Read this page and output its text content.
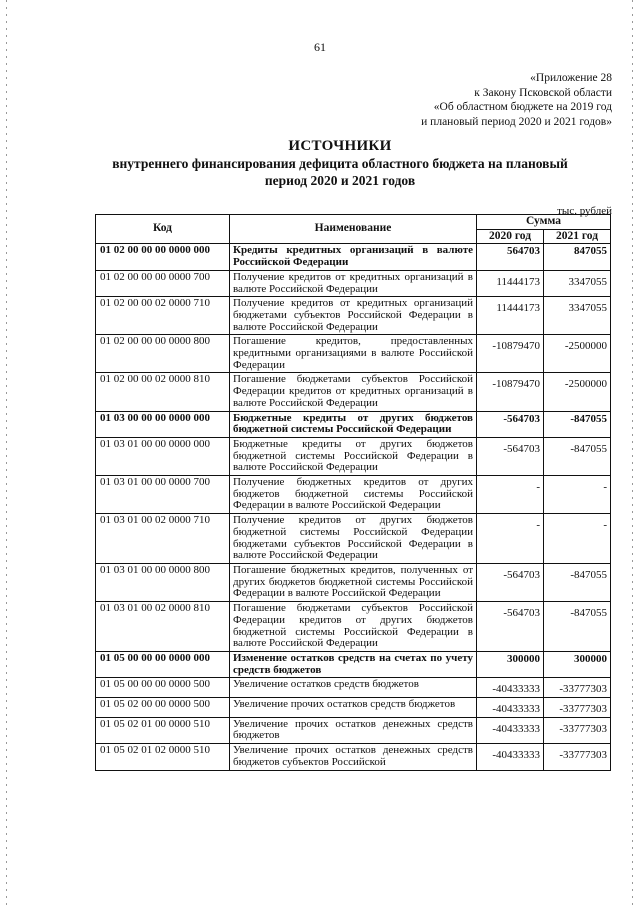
61
«Приложение 28
к Закону Псковской области
«Об областном бюджете на 2019 год
и плановый период 2020 и 2021 годов»
ИСТОЧНИКИ
внутреннего финансирования дефицита областного бюджета на плановый
период 2020 и 2021 годов
тыс. рублей
Код	Наименование	Сумма	
		2020 год	2021 год
01 02 00 00 00 0000 000	Кредиты кредитных организаций в валюте Российской Федерации	564703	847055
01 02 00 00 00 0000 700	Получение кредитов от кредитных организаций в валюте Российской Федерации	11444173	3347055
01 02 00 00 02 0000 710	Получение кредитов от кредитных организаций бюджетами субъектов Российской Федерации в валюте Российской Федерации	11444173	3347055
01 02 00 00 00 0000 800	Погашение кредитов, предоставленных кредитными организациями в валюте Российской Федерации	-10879470	-2500000
01 02 00 00 02 0000 810	Погашение бюджетами субъектов Российской Федерации кредитов от кредитных организаций в валюте Российской Федерации	-10879470	-2500000
01 03 00 00 00 0000 000	Бюджетные кредиты от других бюджетов бюджетной системы Российской Федерации	-564703	-847055
01 03 01 00 00 0000 000	Бюджетные кредиты от других бюджетов бюджетной системы Российской Федерации в валюте Российской Федерации	-564703	-847055
01 03 01 00 00 0000 700	Получение бюджетных кредитов от других бюджетов бюджетной системы Российской Федерации в валюте Российской Федерации	-	-
01 03 01 00 02 0000 710	Получение кредитов от других бюджетов бюджетной системы Российской Федерации бюджетами субъектов Российской Федерации в валюте Российской Федерации	-	-
01 03 01 00 00 0000 800	Погашение бюджетных кредитов, полученных от других бюджетов бюджетной системы Российской Федерации в валюте Российской Федерации	-564703	-847055
01 03 01 00 02 0000 810	Погашение бюджетами субъектов Российской Федерации кредитов от других бюджетов бюджетной системы Российской Федерации в валюте Российской Федерации	-564703	-847055
01 05 00 00 00 0000 000	Изменение остатков средств на счетах по учету средств бюджетов	300000	300000
01 05 00 00 00 0000 500	Увеличение остатков средств бюджетов	-40433333	-33777303
01 05 02 00 00 0000 500	Увеличение прочих остатков средств бюджетов	-40433333	-33777303
01 05 02 01 00 0000 510	Увеличение прочих остатков денежных средств бюджетов	-40433333	-33777303
01 05 02 01 02 0000 510	Увеличение прочих остатков денежных средств бюджетов субъектов Российской	-40433333	-33777303
